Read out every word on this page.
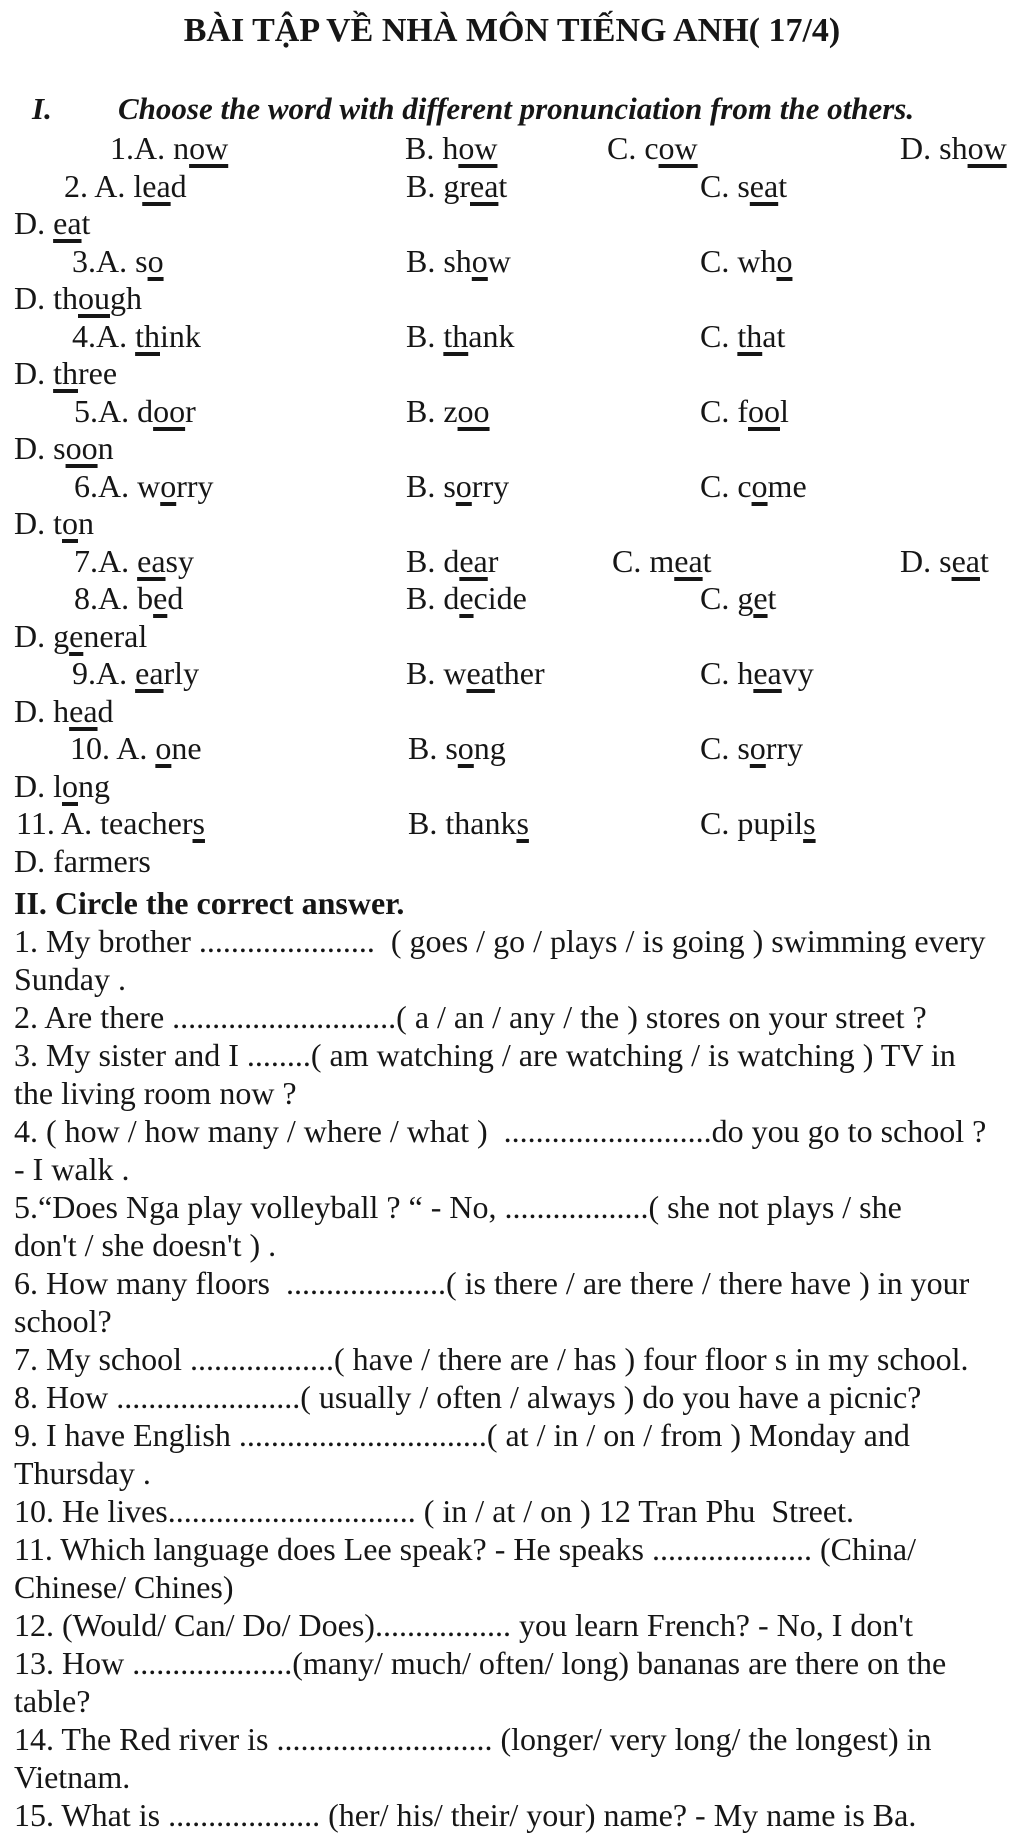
BÀI TẬP VỀ NHÀ MÔN TIẾNG ANH( 17/4)
I. Choose the word with different pronunciation from the others.
1.A. now	B. how	C. cow	D. show
2. A. lead	B. great	C. seat
D. eat
3.A. so	B. show	C. who
D. though
4.A. think	B. thank	C. that
D. three
5.A. door	B. zoo	C. fool
D. soon
6.A. worry	B. sorry	C. come
D. ton
7.A. easy	B. dear	C. meat	D. seat
8.A. bed	B. decide	C. get
D. general
9.A. early	B. weather	C. heavy
D. head
10. A. one	B. song	C. sorry
D. long
11. A. teachers	B. thanks	C. pupils
D. farmers
II. Circle the correct answer.
1. My brother ......................  ( goes / go / plays / is going ) swimming every
Sunday .
2. Are there ............................( a / an / any / the ) stores on your street ?
3. My sister and I ........( am watching / are watching / is watching ) TV in
the living room now ?
4. ( how / how many / where / what )  ..........................do you go to school ?
- I walk .
5.“Does Nga play volleyball ? “ - No, ..................( she not plays / she
don't / she doesn't ) .
6. How many floors  ....................( is there / are there / there have ) in your
school?
7. My school ..................( have / there are / has ) four floor s in my school.
8. How .......................( usually / often / always ) do you have a picnic?
9. I have English ...............................( at / in / on / from ) Monday and
Thursday .
10. He lives............................... ( in / at / on ) 12 Tran Phu  Street.
11. Which language does Lee speak? - He speaks .................... (China/
Chinese/ Chines)
12. (Would/ Can/ Do/ Does)................. you learn French? - No, I don't
13. How ....................(many/ much/ often/ long) bananas are there on the
table?
14. The Red river is ........................... (longer/ very long/ the longest) in
Vietnam.
15. What is ................... (her/ his/ their/ your) name? - My name is Ba.
